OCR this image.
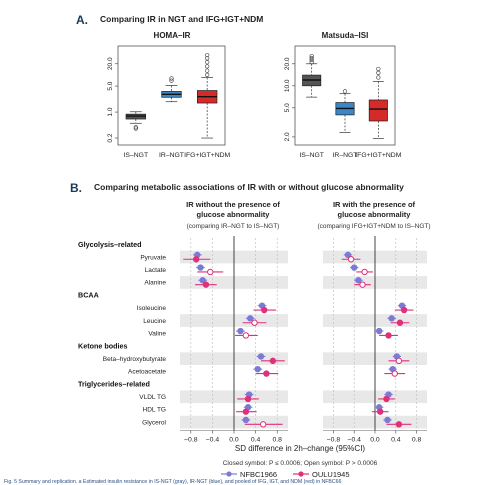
A. Comparing IR in NGT and IFG+IGT+NDM
HOMA–IR
0.2
1.0
5.0
20.0
IS–NGT IR–NGT IFG+IGT+NDM
Matsuda–ISI
2.0
5.0
10.0
20.0
IS–NGT IR–NGT
IFG+IGT+NDM
B. Comparing metabolic associations of IR with or without glucose abnormality
IR without the presence of
glucose abnormality
(comparing IR–NGT to IS–NGT)
IR with the presence of
glucose abnormality
(comparing IFG+IGT+NDM to IS–NGT)
Glycolysis–related
Pyruvate
Lactate
Alanine
BCAA
Isoleucine
Leucine
Valine
Ketone bodies
Beta–hydroxybutyrate
Acetoacetate
Triglycerides–related
VLDL TG
HDL TG
Glycerol
−0.8 −0.4 0.0 0.4 0.8	−0.8 −0.4 0.0 0.4 0.8
SD difference in 2h–change (95%CI)
Closed symbol: P ≤ 0.0006; Open symbol: P > 0.0006
NFBC1966	OULU1945
Fig. 5 Summary and replication. a Estimated insulin resistance in IS-NGT (gray), IR-NGT (blue), and pooled of IFG, IGT, and NDM (red) in NFBC66
